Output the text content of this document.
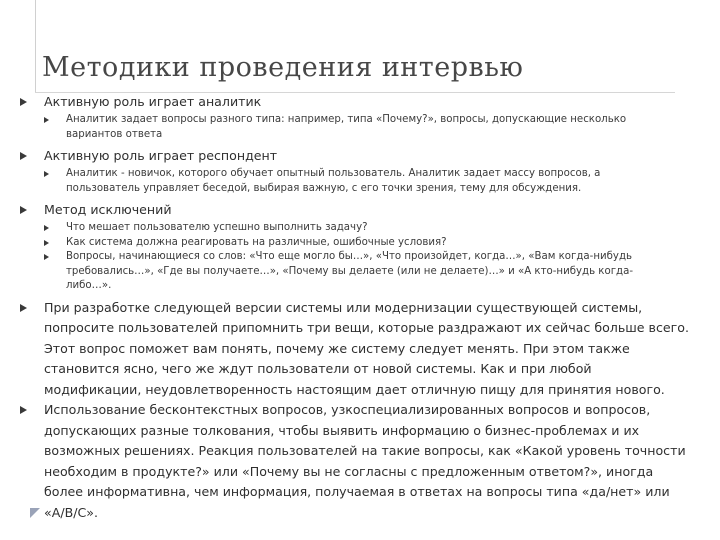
Методики проведения интервью
Активную роль играет аналитик
Аналитик задает вопросы разного типа: например, типа «Почему?», вопросы, допускающие несколько вариантов ответа
Активную роль играет респондент
Аналитик - новичок, которого обучает опытный пользователь. Аналитик задает массу вопросов, а пользователь управляет беседой, выбирая важную, с его точки зрения, тему для обсуждения.
Метод исключений
Что мешает пользователю успешно выполнить задачу?
Как система должна реагировать на различные, ошибочные условия?
Вопросы, начинающиеся со слов: «Что еще могло бы…», «Что произойдет, когда…», «Вам когда-нибудь требовались…», «Где вы получаете…», «Почему вы делаете (или не делаете)…» и «А кто-нибудь когда-либо…».
При разработке следующей версии системы или модернизации существующей системы, попросите пользователей припомнить три вещи, которые раздражают их сейчас больше всего. Этот вопрос поможет вам понять, почему же систему следует менять. При этом также становится ясно, чего же ждут пользователи от новой системы. Как и при любой модификации, неудовлетворенность настоящим дает отличную пищу для принятия нового.
Использование бесконтекстных вопросов, узкоспециализированных вопросов и вопросов, допускающих разные толкования, чтобы выявить информацию о бизнес-проблемах и их возможных решениях. Реакция пользователей на такие вопросы, как «Какой уровень точности необходим в продукте?» или «Почему вы не согласны с предложенным ответом?», иногда более информативна, чем информация, получаемая в ответах на вопросы типа «да/нет» или «А/В/С».
